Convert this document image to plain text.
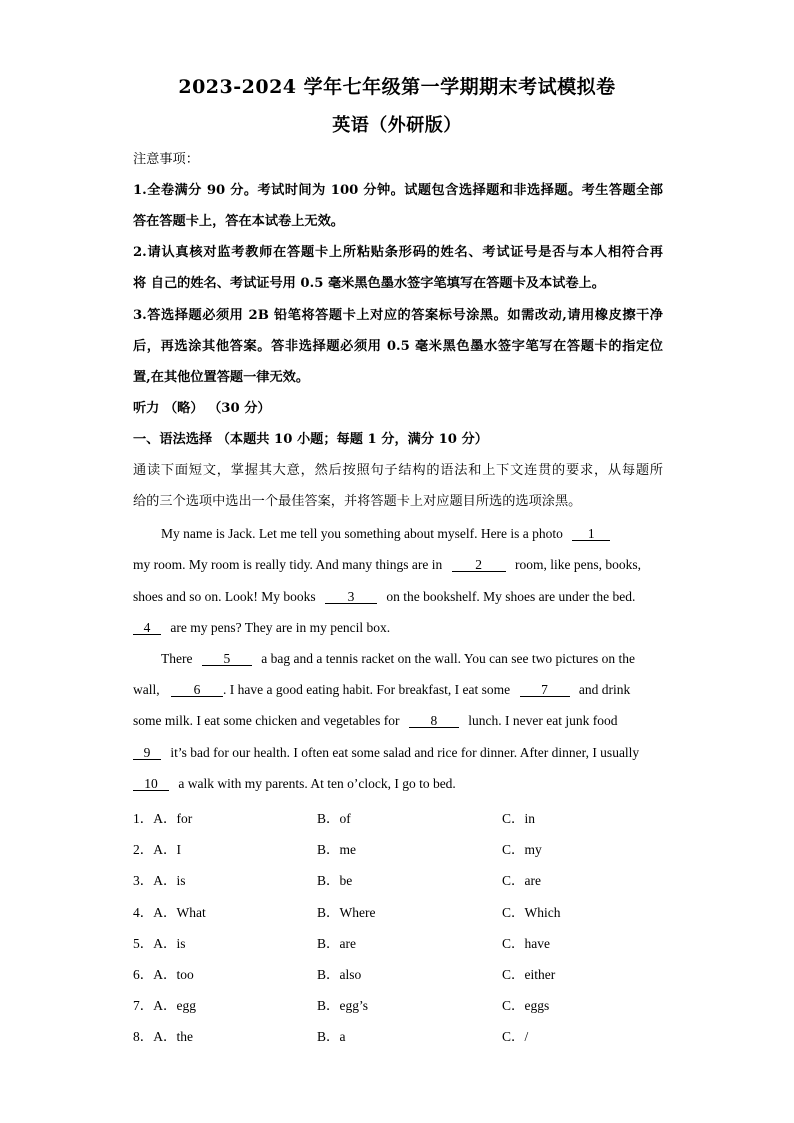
2023-2024 学年七年级第一学期期末考试模拟卷
英语（外研版）
注意事项：
1.全卷满分 90 分。考试时间为 100 分钟。试题包含选择题和非选择题。考生答题全部
答在答题卡上，答在本试卷上无效。
2.请认真核对监考教师在答题卡上所粘贴条形码的姓名、考试证号是否与本人相符合再
将 自己的姓名、考试证号用 0.5 毫米黑色墨水签字笔填写在答题卡及本试卷上。
3.答选择题必须用 2B 铅笔将答题卡上对应的答案标号涂黑。如需改动,请用橡皮擦干净
后，再选涂其他答案。答非选择题必须用 0.5 毫米黑色墨水签字笔写在答题卡的指定位
置,在其他位置答题一律无效。
听力 （略） （30 分）
一、语法选择 （本题共 10 小题；每题 1 分，满分 10 分）
通读下面短文，掌握其大意，然后按照句子结构的语法和上下文连贯的要求，从每题所
给的三个选项中选出一个最佳答案，并将答题卡上对应题目所选的选项涂黑。
My name is Jack. Let me tell you something about myself. Here is a photo 1
my room. My room is really tidy. And many things are in 2 room, like pens, books,
shoes and so on. Look! My books 3 on the bookshelf. My shoes are under the bed.
4 are my pens? They are in my pencil box.
There 5 a bag and a tennis racket on the wall. You can see two pictures on the
wall,	6 . I have a good eating habit. For breakfast, I eat some 7 and drink
some milk. I eat some chicken and vegetables for 8 lunch. I never eat junk food
9 it’s bad for our health. I often eat some salad and rice for dinner. After dinner, I usually
10 a walk with my parents. At ten o’clock, I go to bed.
1．A．for	B．of	C．in
2．A．I	B．me	C．my
3．A．is	B．be	C．are
4．A．What	B．Where	C．Which
5．A．is	B．are	C．have
6．A．too	B．also	C．either
7．A．egg	B．egg’s	C．eggs
8．A．the	B．a	C．/
